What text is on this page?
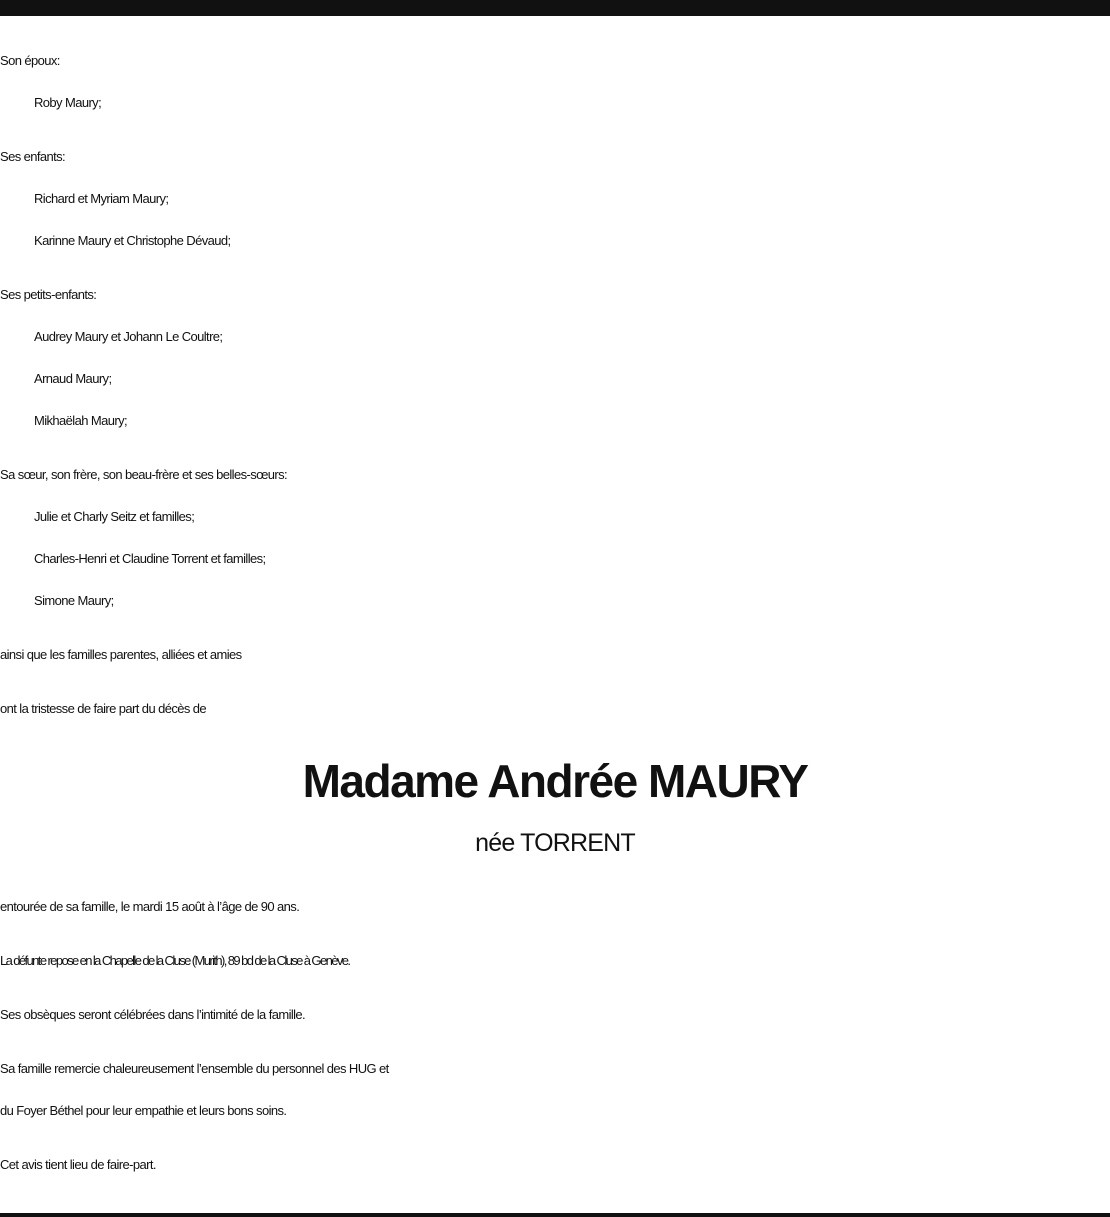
Son époux:
Roby Maury;
Ses enfants:
Richard et Myriam Maury;
Karinne Maury et Christophe Dévaud;
Ses petits-enfants:
Audrey Maury et Johann Le Coultre;
Arnaud Maury;
Mikhaëlah Maury;
Sa sœur, son frère, son beau-frère et ses belles-sœurs:
Julie et Charly Seitz et familles;
Charles-Henri et Claudine Torrent et familles;
Simone Maury;
ainsi que les familles parentes, alliées et amies
ont la tristesse de faire part du décès de
Madame Andrée MAURY
née TORRENT
entourée de sa famille, le mardi 15 août à l’âge de 90 ans.
La défunte repose en la Chapelle de la Cluse (Murith), 89 bd de la Cluse à Genève.
Ses obsèques seront célébrées dans l’intimité de la famille.
Sa famille remercie chaleureusement l’ensemble du personnel des HUG et
du Foyer Béthel pour leur empathie et leurs bons soins.
Cet avis tient lieu de faire-part.
